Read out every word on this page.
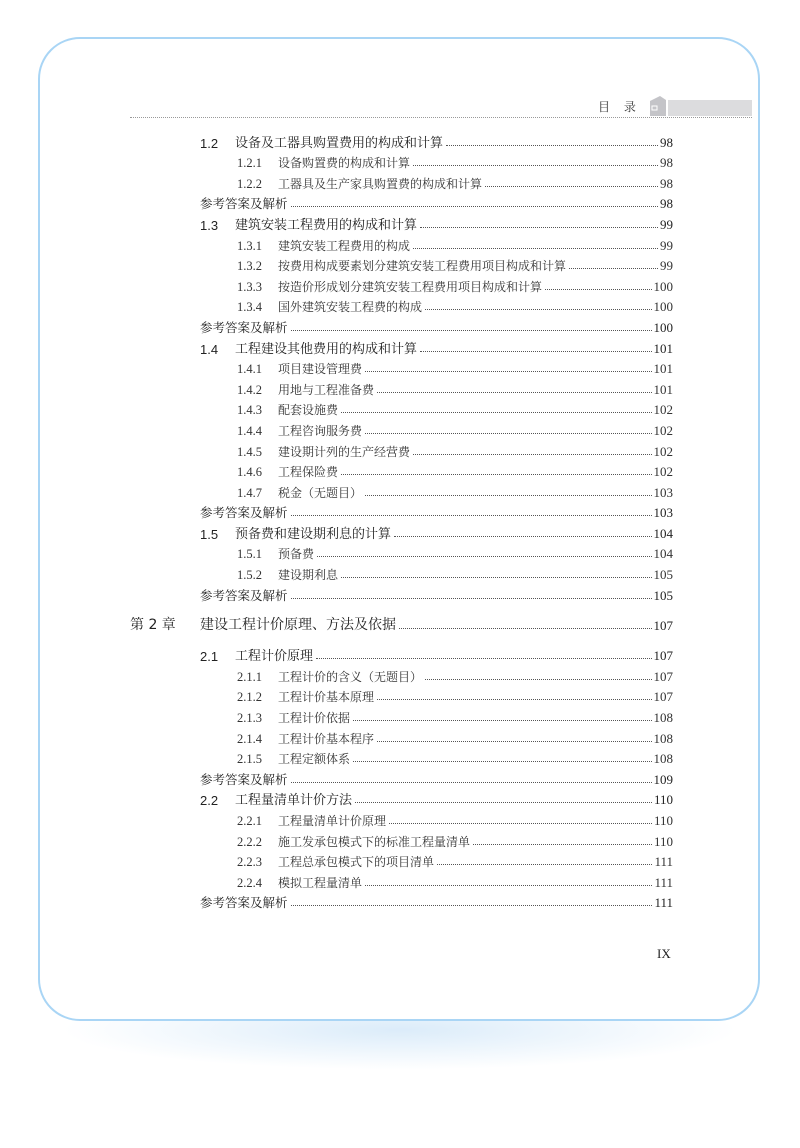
目 录
1.2	设备及工器具购置费用的构成和计算	98
1.2.1	设备购置费的构成和计算	98
1.2.2	工器具及生产家具购置费的构成和计算	98
参考答案及解析	98
1.3	建筑安装工程费用的构成和计算	99
1.3.1	建筑安装工程费用的构成	99
1.3.2	按费用构成要素划分建筑安装工程费用项目构成和计算	99
1.3.3	按造价形成划分建筑安装工程费用项目构成和计算	100
1.3.4	国外建筑安装工程费的构成	100
参考答案及解析	100
1.4	工程建设其他费用的构成和计算	101
1.4.1	项目建设管理费	101
1.4.2	用地与工程准备费	101
1.4.3	配套设施费	102
1.4.4	工程咨询服务费	102
1.4.5	建设期计列的生产经营费	102
1.4.6	工程保险费	102
1.4.7	税金（无题目）	103
参考答案及解析	103
1.5	预备费和建设期利息的计算	104
1.5.1	预备费	104
1.5.2	建设期利息	105
参考答案及解析	105
第 2 章	建设工程计价原理、方法及依据	107
2.1	工程计价原理	107
2.1.1	工程计价的含义（无题目）	107
2.1.2	工程计价基本原理	107
2.1.3	工程计价依据	108
2.1.4	工程计价基本程序	108
2.1.5	工程定额体系	108
参考答案及解析	109
2.2	工程量清单计价方法	110
2.2.1	工程量清单计价原理	110
2.2.2	施工发承包模式下的标准工程量清单	110
2.2.3	工程总承包模式下的项目清单	111
2.2.4	模拟工程量清单	111
参考答案及解析	111
IX
